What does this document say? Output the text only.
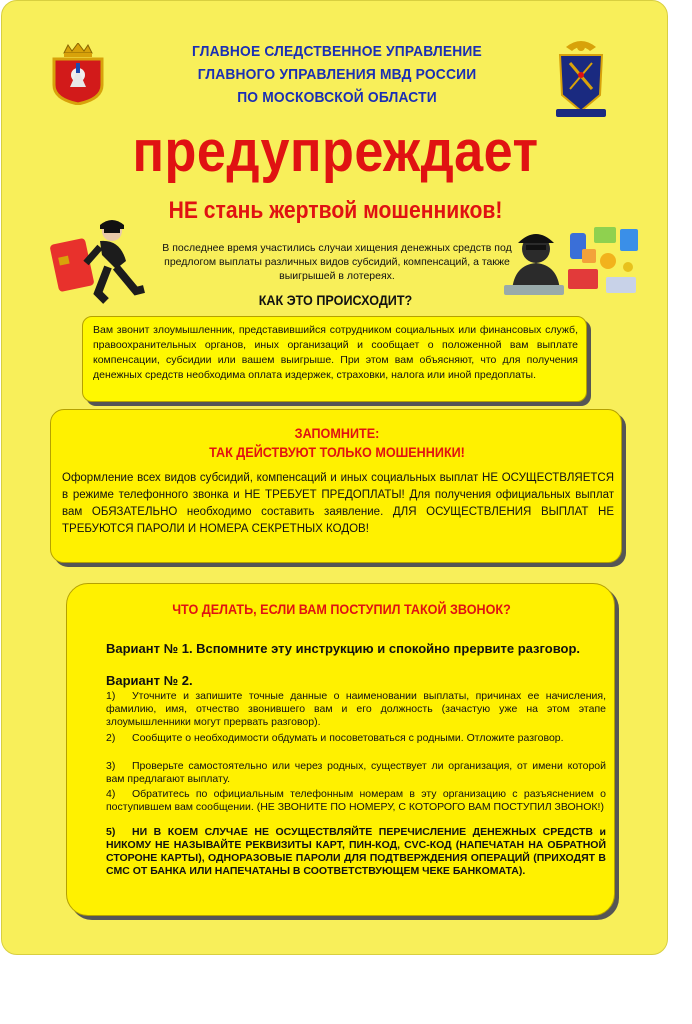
ГЛАВНОЕ СЛЕДСТВЕННОЕ УПРАВЛЕНИЕ
ГЛАВНОГО УПРАВЛЕНИЯ МВД РОССИИ
ПО МОСКОВСКОЙ ОБЛАСТИ
предупреждает
НЕ стань жертвой мошенников!
В последнее время участились случаи хищения денежных средств под предлогом выплаты различных видов субсидий, компенсаций, а также выигрышей в лотереях.
КАК ЭТО ПРОИСХОДИТ?

Вам звонит злоумышленник, представившийся сотрудником социальных или финансовых служб, правоохранительных органов, иных организаций и сообщает о положенной вам выплате компенсации, субсидии или вашем выигрыше. При этом вам объясняют, что для получения денежных средств необходима оплата издержек, страховки, налога или иной предоплаты.

ЗАПОМНИТЕ:
ТАК ДЕЙСТВУЮТ ТОЛЬКО МОШЕННИКИ!
Оформление всех видов субсидий, компенсаций и иных социальных выплат НЕ ОСУЩЕСТВЛЯЕТСЯ в режиме телефонного звонка и НЕ ТРЕБУЕТ ПРЕДОПЛАТЫ! Для получения официальных выплат вам ОБЯЗАТЕЛЬНО необходимо составить заявление. ДЛЯ ОСУЩЕСТВЛЕНИЯ ВЫПЛАТ НЕ ТРЕБУЮТСЯ ПАРОЛИ И НОМЕРА СЕКРЕТНЫХ КОДОВ!
ЧТО ДЕЛАТЬ, ЕСЛИ ВАМ ПОСТУПИЛ ТАКОЙ ЗВОНОК?
Вариант № 1. Вспомните эту инструкцию и спокойно прервите разговор.
Вариант № 2.
1) Уточните и запишите точные данные о наименовании выплаты, причинах ее начисления, фамилию, имя, отчество звонившего вам и его должность (зачастую уже на этом этапе злоумышленники могут прервать разговор).
2) Сообщите о необходимости обдумать и посоветоваться с родными. Отложите разговор.
3) Проверьте самостоятельно или через родных, существует ли организация, от имени которой вам предлагают выплату.
4) Обратитесь по официальным телефонным номерам в эту организацию с разъяснением о поступившем вам сообщении. (НЕ ЗВОНИТЕ ПО НОМЕРУ, С КОТОРОГО ВАМ ПОСТУПИЛ ЗВОНОК!)
5) НИ В КОЕМ СЛУЧАЕ НЕ ОСУЩЕСТВЛЯЙТЕ ПЕРЕЧИСЛЕНИЕ ДЕНЕЖНЫХ СРЕДСТВ и НИКОМУ НЕ НАЗЫВАЙТЕ РЕКВИЗИТЫ КАРТ, ПИН-КОД, CVC-КОД (НАПЕЧАТАН НА ОБРАТНОЙ СТОРОНЕ КАРТЫ), ОДНОРАЗОВЫЕ ПАРОЛИ ДЛЯ ПОДТВЕРЖДЕНИЯ ОПЕРАЦИЙ (ПРИХОДЯТ В СМС ОТ БАНКА ИЛИ НАПЕЧАТАНЫ В СООТВЕТСТВУЮЩЕМ ЧЕКЕ БАНКОМАТА).
